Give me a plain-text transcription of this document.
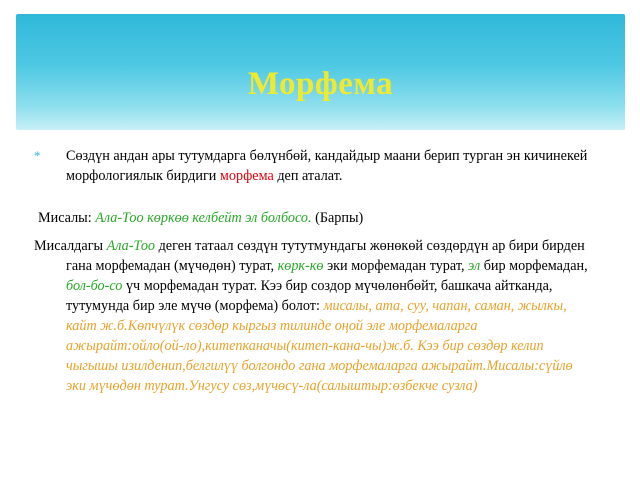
Морфема

* Сөздүн андан ары тутумдарга бөлүнбөй, кандайдыр маани берип турган эн кичинекей морфологиялык бирдиги морфема деп аталат.

Мисалы: Ала-Тоо көркөө келбейт эл болбосо. (Барпы)

Мисалдагы Ала-Тоо деген татаал сөздүн тутутмундагы жөнөкөй сөздөрдүн ар бири бирден гана морфемадан (мүчөдөн) турат, көрк-кө эки морфемадан турат, эл бир морфемадан, бол-бо-со үч морфемадан турат. Кээ бир создор мүчөлөнбөйт, башкача айтканда, тутумунда бир эле мүчө (морфема) болот: мисалы, ата, суу, чапан, саман, жылкы, кайт ж.б.Көпчүлүк сөздөр кыргыз тилинде оңой эле морфемаларга ажырайт:ойло(ой-ло),китепканачы(китеп-кана-чы)ж.б. Кээ бир сөздөр келип чыгышы изилденип,белгилүү болгондо гана морфемаларга ажырайт.Мисалы:сүйлө эки мүчөдөн турат.Унгусу сөз,мүчөсү-ла(салыштыр:өзбекче сузла)
